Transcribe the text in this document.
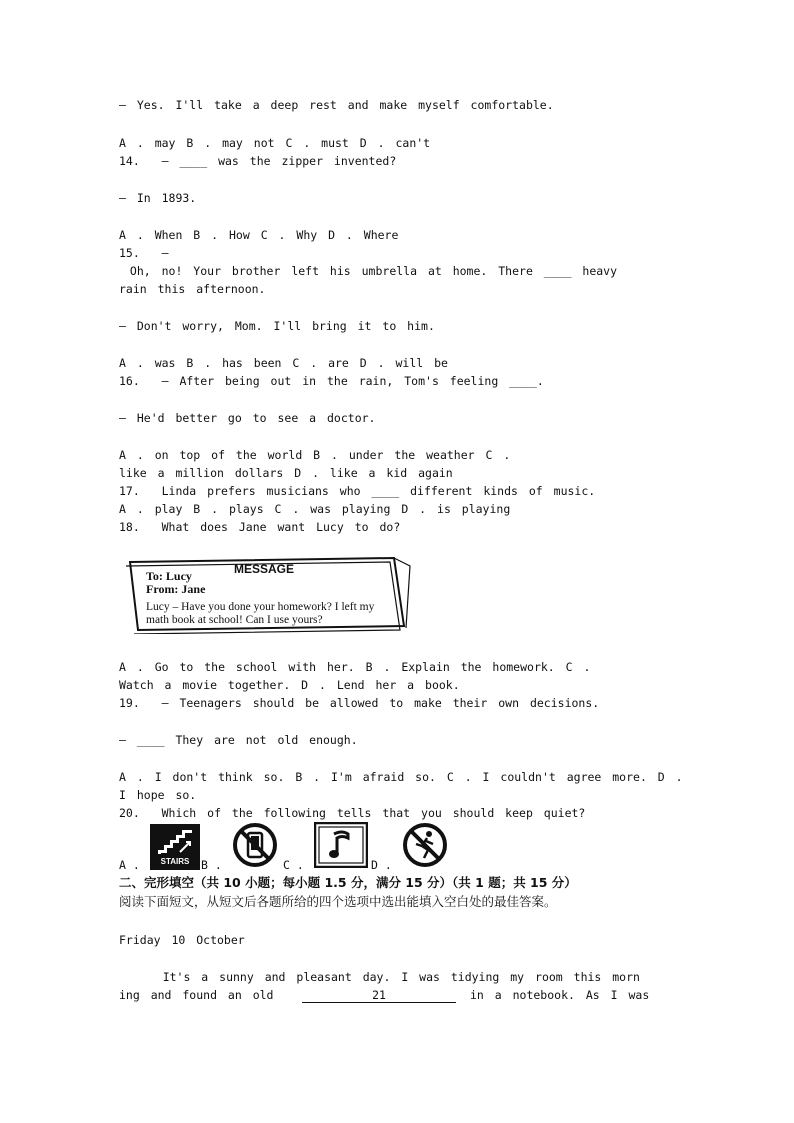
— Yes. I'll take a deep rest and make myself comfortable.
A . may B . may not C . must D . can't
14.  — ____ was the zipper invented?
— In 1893.
A . When B . How C . Why D . Where
15.  —
Oh, no! Your brother left his umbrella at home. There ____ heavy
rain this afternoon.
— Don't worry, Mom. I'll bring it to him.
A . was B . has been C . are D . will be
16.  — After being out in the rain, Tom's feeling ____.
— He'd better go to see a doctor.
A . on top of the world B . under the weather C .
like a million dollars D . like a kid again
17.  Linda prefers musicians who ____ different kinds of music.
A . play B . plays C . was playing D . is playing
18.  What does Jane want Lucy to do?
MESSAGE
To: Lucy
From: Jane
Lucy – Have you done your homework? I left my
math book at school! Can I use yours?
A . Go to the school with her. B . Explain the homework. C .
Watch a movie together. D . Lend her a book.
19.  — Teenagers should be allowed to make their own decisions.
— ____ They are not old enough.
A . I don't think so. B . I'm afraid so. C . I couldn't agree more. D .
I hope so.
20.  Which of the following tells that you should keep quiet?
A .	STAIRS	B .	C .	D .
二、完形填空（共 10 小题；每小题 1.5 分，满分 15 分）（共 1 题；共 15 分）
阅读下面短文，从短文后各题所给的四个选项中选出能填入空白处的最佳答案。
Friday 10 October
It's a sunny and pleasant day. I was tidying my room this morn
ing and found an old	21	in a notebook. As I was
